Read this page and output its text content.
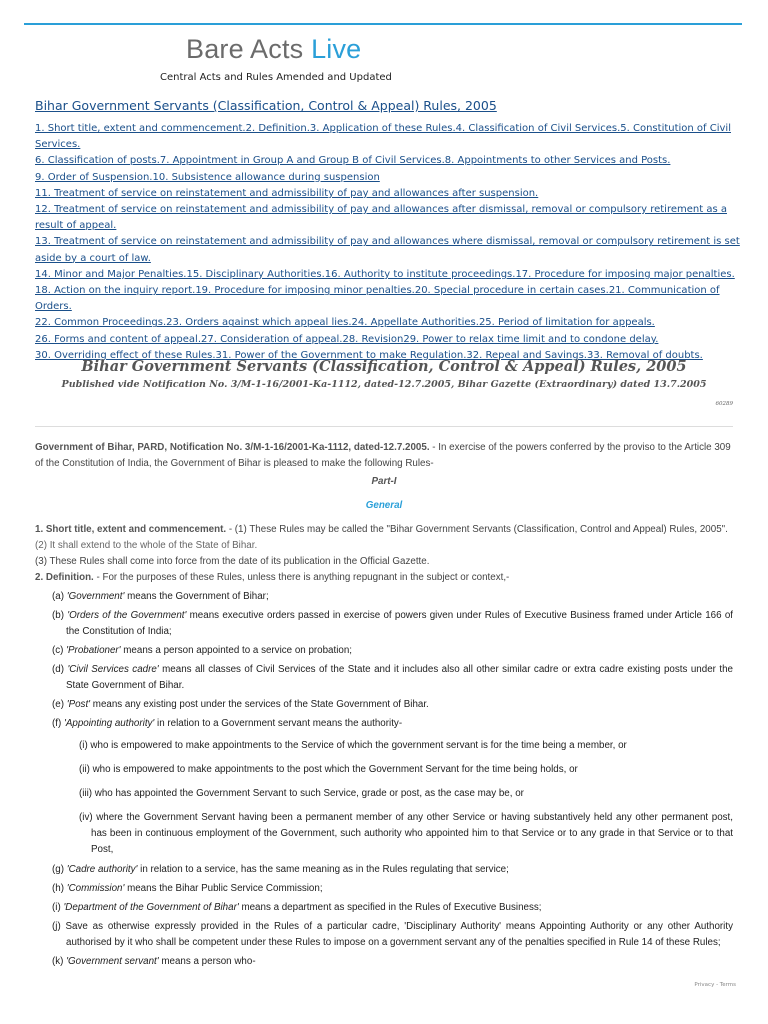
Bare Acts Live
Central Acts and Rules Amended and Updated
Bihar Government Servants (Classification, Control & Appeal) Rules, 2005
1. Short title, extent and commencement.2. Definition.3. Application of these Rules.4. Classification of Civil Services.5. Constitution of Civil Services.
6. Classification of posts.7. Appointment in Group A and Group B of Civil Services.8. Appointments to other Services and Posts.
9. Order of Suspension.10. Subsistence allowance during suspension
11. Treatment of service on reinstatement and admissibility of pay and allowances after suspension.
12. Treatment of service on reinstatement and admissibility of pay and allowances after dismissal, removal or compulsory retirement as a result of appeal.
13. Treatment of service on reinstatement and admissibility of pay and allowances where dismissal, removal or compulsory retirement is set aside by a court of law.
14. Minor and Major Penalties.15. Disciplinary Authorities.16. Authority to institute proceedings.17. Procedure for imposing major penalties.
18. Action on the inquiry report.19. Procedure for imposing minor penalties.20. Special procedure in certain cases.21. Communication of Orders.
22. Common Proceedings.23. Orders against which appeal lies.24. Appellate Authorities.25. Period of limitation for appeals.
26. Forms and content of appeal.27. Consideration of appeal.28. Revision29. Power to relax time limit and to condone delay.
30. Overriding effect of these Rules.31. Power of the Government to make Regulation.32. Repeal and Savings.33. Removal of doubts.
Bihar Government Servants (Classification, Control & Appeal) Rules, 2005
Published vide Notification No. 3/M-1-16/2001-Ka-1112, dated-12.7.2005, Bihar Gazette (Extraordinary) dated 13.7.2005
60289

Government of Bihar, PARD, Notification No. 3/M-1-16/2001-Ka-1112, dated-12.7.2005. - In exercise of the powers conferred by the proviso to the Article 309 of the Constitution of India, the Government of Bihar is pleased to make the following Rules-

Part-I
General

1. Short title, extent and commencement. - (1) These Rules may be called the "Bihar Government Servants (Classification, Control and Appeal) Rules, 2005".

(2) It shall extend to the whole of the State of Bihar.

(3) These Rules shall come into force from the date of its publication in the Official Gazette.

2. Definition. - For the purposes of these Rules, unless there is anything repugnant in the subject or context,-

(a) 'Government' means the Government of Bihar;

(b) 'Orders of the Government' means executive orders passed in exercise of powers given under Rules of Executive Business framed under Article 166 of the Constitution of India;

(c) 'Probationer' means a person appointed to a service on probation;

(d) 'Civil Services cadre' means all classes of Civil Services of the State and it includes also all other similar cadre or extra cadre existing posts under the State Government of Bihar.

(e) 'Post' means any existing post under the services of the State Government of Bihar.

(f) 'Appointing authority' in relation to a Government servant means the authority-

(i) who is empowered to make appointments to the Service of which the government servant is for the time being a member, or

(ii) who is empowered to make appointments to the post which the Government Servant for the time being holds, or

(iii) who has appointed the Government Servant to such Service, grade or post, as the case may be, or

(iv) where the Government Servant having been a permanent member of any other Service or having substantively held any other permanent post, has been in continuous employment of the Government, such authority who appointed him to that Service or to any grade in that Service or to that Post,

(g) 'Cadre authority' in relation to a service, has the same meaning as in the Rules regulating that service;

(h) 'Commission' means the Bihar Public Service Commission;

(i) 'Department of the Government of Bihar' means a department as specified in the Rules of Executive Business;

(j) Save as otherwise expressly provided in the Rules of a particular cadre, 'Disciplinary Authority' means Appointing Authority or any other Authority authorised by it who shall be competent under these Rules to impose on a government servant any of the penalties specified in Rule 14 of these Rules;

(k) 'Government servant' means a person who-

Privacy - Terms
